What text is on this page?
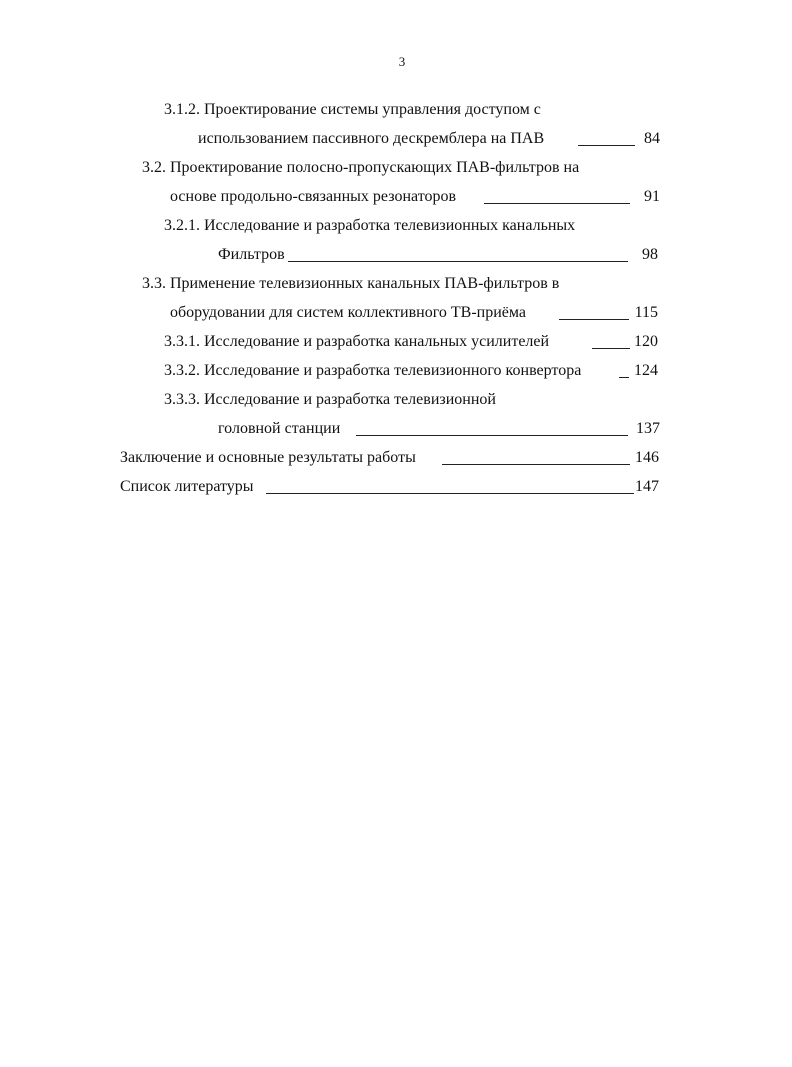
3
3.1.2. Проектирование системы управления доступом с
использованием пассивного дескремблера на ПАВ	84
3.2. Проектирование полосно-пропускающих ПАВ-фильтров на
основе продольно-связанных резонаторов	91
3.2.1. Исследование и разработка телевизионных канальных
Фильтров	98
3.3. Применение телевизионных канальных ПАВ-фильтров в
оборудовании для систем коллективного ТВ-приёма	115
3.3.1. Исследование и разработка канальных усилителей	120
3.3.2. Исследование и разработка телевизионного конвертора	124
3.3.3. Исследование и разработка телевизионной
головной станции	137
Заключение и основные результаты работы	146
Список литературы	147
